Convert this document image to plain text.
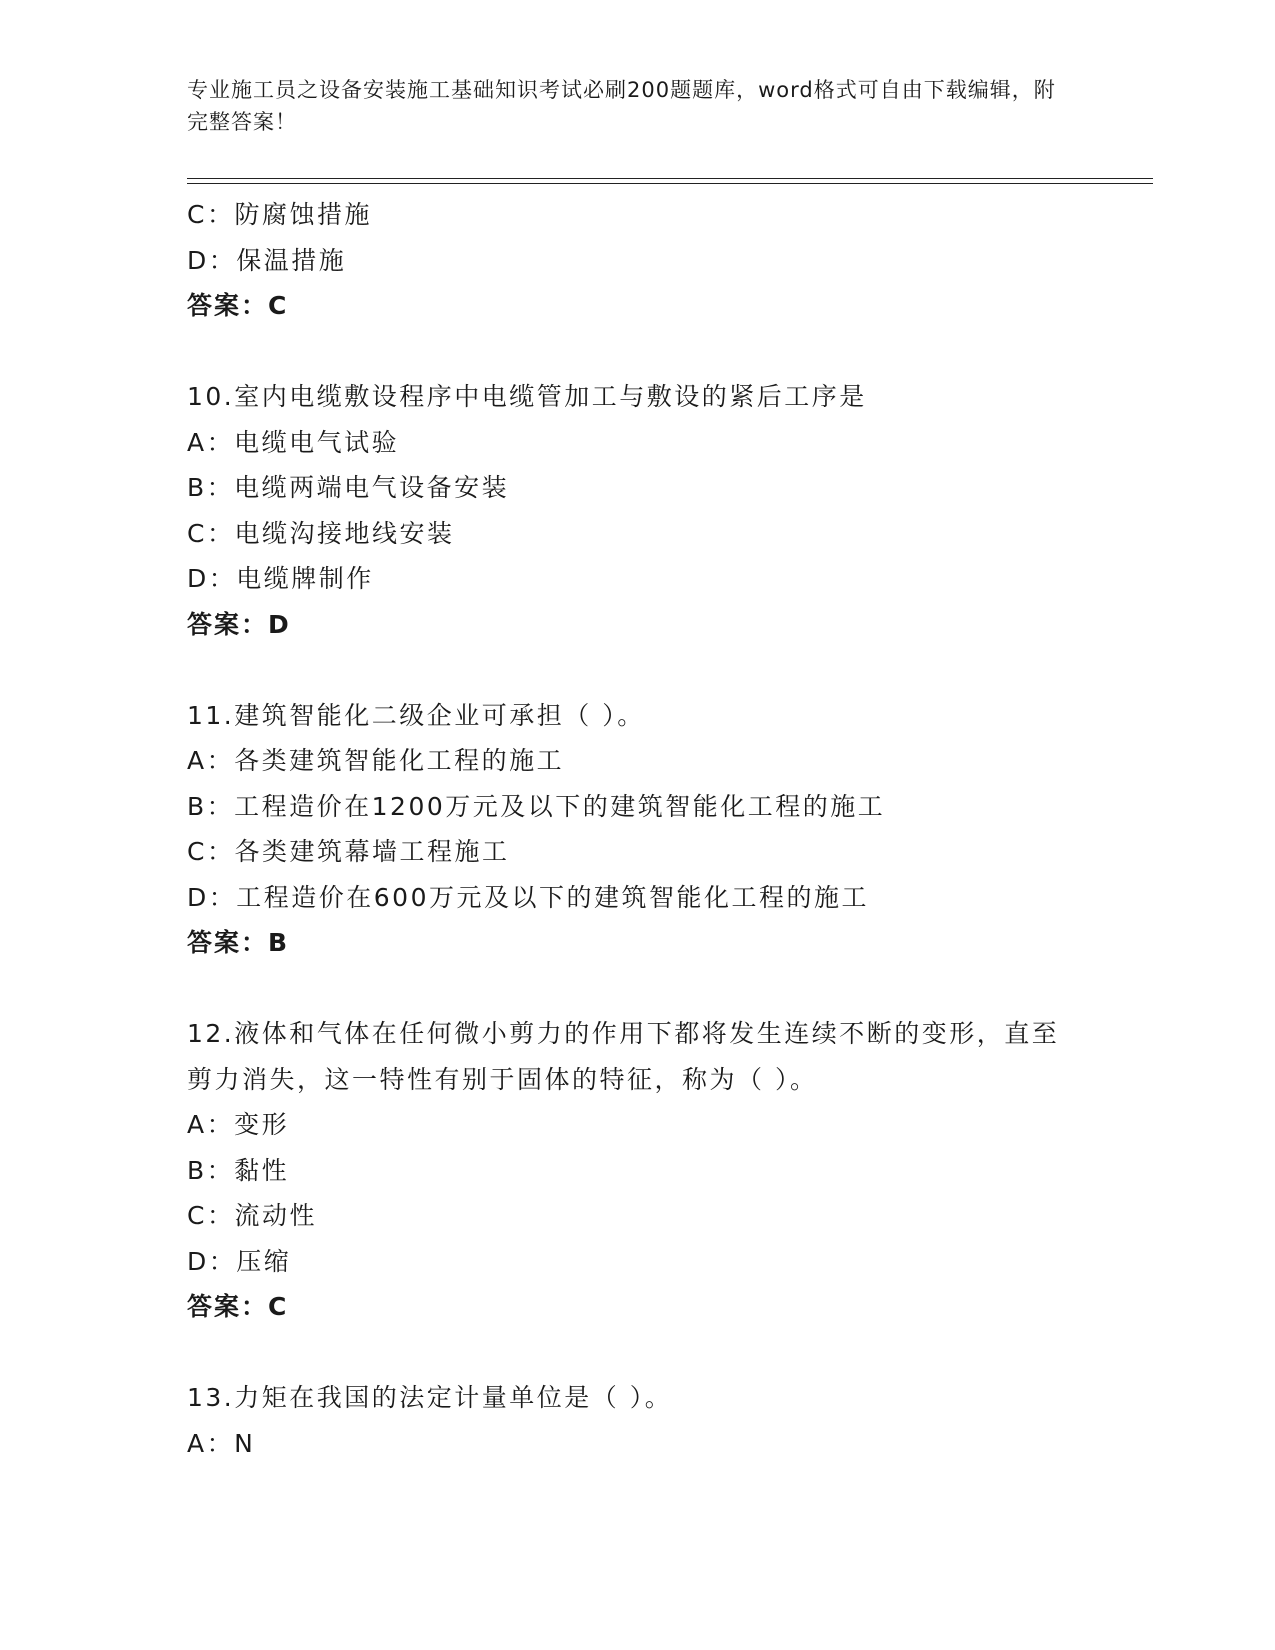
专业施工员之设备安装施工基础知识考试必刷200题题库，word格式可自由下载编辑，附完整答案！
C：防腐蚀措施
D：保温措施
答案：C
10.室内电缆敷设程序中电缆管加工与敷设的紧后工序是
A：电缆电气试验
B：电缆两端电气设备安装
C：电缆沟接地线安装
D：电缆牌制作
答案：D
11.建筑智能化二级企业可承担（ ）。
A：各类建筑智能化工程的施工
B：工程造价在1200万元及以下的建筑智能化工程的施工
C：各类建筑幕墙工程施工
D：工程造价在600万元及以下的建筑智能化工程的施工
答案：B
12.液体和气体在任何微小剪力的作用下都将发生连续不断的变形，直至剪力消失，这一特性有别于固体的特征，称为（ ）。
A：变形
B：黏性
C：流动性
D：压缩
答案：C
13.力矩在我国的法定计量单位是（ ）。
A：N
